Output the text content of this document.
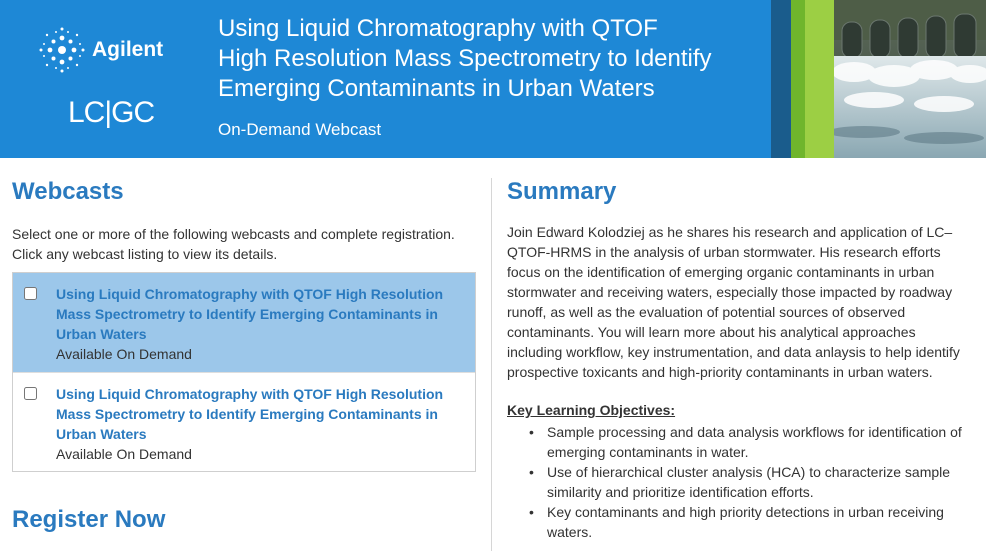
Agilent
LC|GC
Using Liquid Chromatography with QTOF
High Resolution Mass Spectrometry to Identify
Emerging Contaminants in Urban Waters
On-Demand Webcast
Webcasts

Select one or more of the following webcasts and complete registration. Click any webcast listing to view its details.

Using Liquid Chromatography with QTOF High Resolution Mass Spectrometry to Identify Emerging Contaminants in Urban Waters
Available On Demand
Using Liquid Chromatography with QTOF High Resolution Mass Spectrometry to Identify Emerging Contaminants in Urban Waters
Available On Demand
Register Now
Summary

Join Edward Kolodziej as he shares his research and application of LC–QTOF-HRMS in the analysis of urban stormwater. His research efforts focus on the identification of emerging organic contaminants in urban stormwater and receiving waters, especially those impacted by roadway runoff, as well as the evaluation of potential sources of observed contaminants. You will learn more about his analytical approaches including workflow, key instrumentation, and data anlaysis to help identify prospective toxicants and high-priority contaminants in urban waters.

Key Learning Objectives:
• Sample processing and data analysis workflows for identification of emerging contaminants in water.
• Use of hierarchical cluster analysis (HCA) to characterize sample similarity and prioritize identification efforts.
• Key contaminants and high priority detections in urban receiving waters.
